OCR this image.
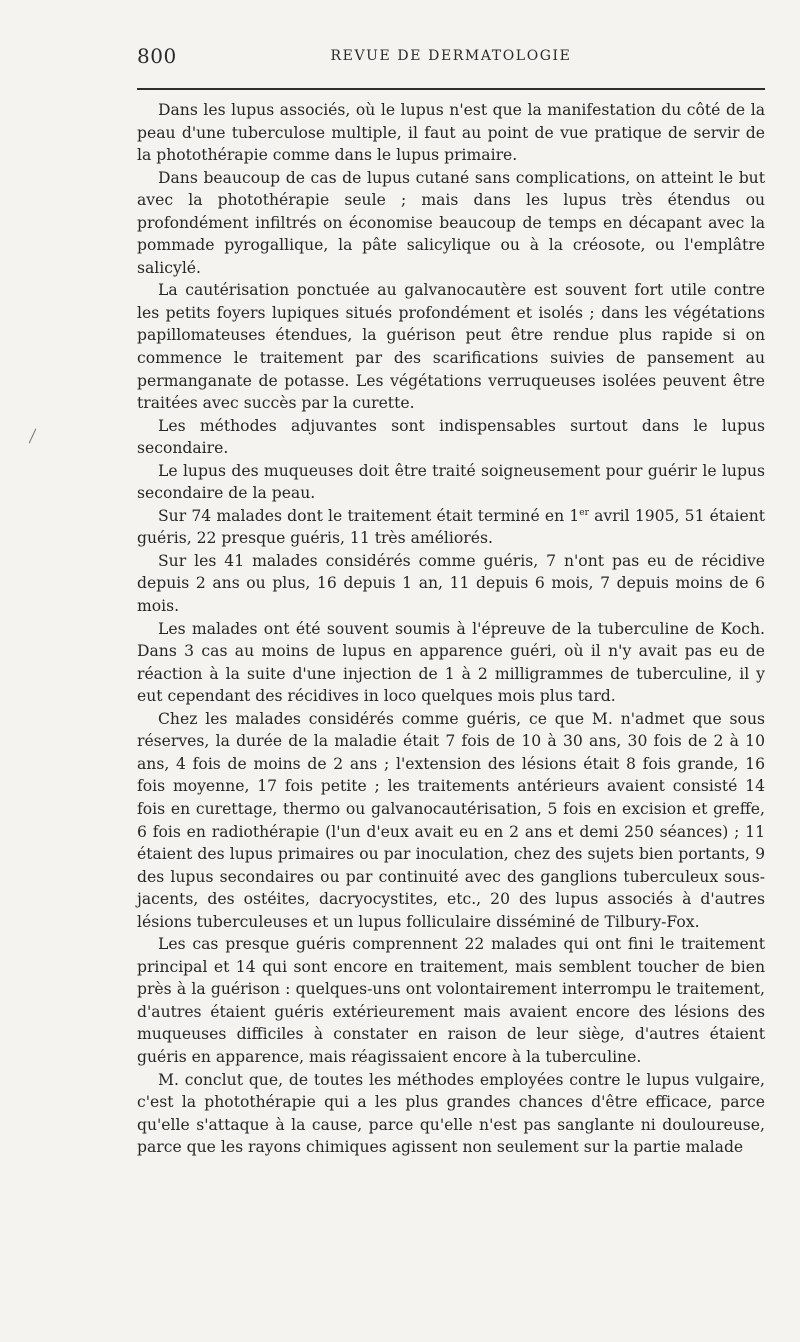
800	REVUE DE DERMATOLOGIE

Dans les lupus associés, où le lupus n'est que la manifestation du côté de la peau d'une tuberculose multiple, il faut au point de vue pratique de servir de la photothérapie comme dans le lupus primaire.

Dans beaucoup de cas de lupus cutané sans complications, on atteint le but avec la photothérapie seule ; mais dans les lupus très étendus ou profondément infiltrés on économise beaucoup de temps en décapant avec la pommade pyrogallique, la pâte salicylique ou à la créosote, ou l'emplâtre salicylé.

La cautérisation ponctuée au galvanocautère est souvent fort utile contre les petits foyers lupiques situés profondément et isolés ; dans les végétations papillomateuses étendues, la guérison peut être rendue plus rapide si on commence le traitement par des scarifications suivies de pansement au permanganate de potasse. Les végétations verruqueuses isolées peuvent être traitées avec succès par la curette.

Les méthodes adjuvantes sont indispensables surtout dans le lupus secondaire.

Le lupus des muqueuses doit être traité soigneusement pour guérir le lupus secondaire de la peau.

Sur 74 malades dont le traitement était terminé en 1er avril 1905, 51 étaient guéris, 22 presque guéris, 11 très améliorés.

Sur les 41 malades considérés comme guéris, 7 n'ont pas eu de récidive depuis 2 ans ou plus, 16 depuis 1 an, 11 depuis 6 mois, 7 depuis moins de 6 mois.

Les malades ont été souvent soumis à l'épreuve de la tuberculine de Koch. Dans 3 cas au moins de lupus en apparence guéri, où il n'y avait pas eu de réaction à la suite d'une injection de 1 à 2 milligrammes de tuberculine, il y eut cependant des récidives in loco quelques mois plus tard.

Chez les malades considérés comme guéris, ce que M. n'admet que sous réserves, la durée de la maladie était 7 fois de 10 à 30 ans, 30 fois de 2 à 10 ans, 4 fois de moins de 2 ans ; l'extension des lésions était 8 fois grande, 16 fois moyenne, 17 fois petite ; les traitements antérieurs avaient consisté 14 fois en curettage, thermo ou galvanocautérisation, 5 fois en excision et greffe, 6 fois en radiothérapie (l'un d'eux avait eu en 2 ans et demi 250 séances) ; 11 étaient des lupus primaires ou par inoculation, chez des sujets bien portants, 9 des lupus secondaires ou par continuité avec des ganglions tuberculeux sous-jacents, des ostéites, dacryocystites, etc., 20 des lupus associés à d'autres lésions tuberculeuses et un lupus folliculaire disséminé de Tilbury-Fox.

Les cas presque guéris comprennent 22 malades qui ont fini le traitement principal et 14 qui sont encore en traitement, mais semblent toucher de bien près à la guérison : quelques-uns ont volontairement interrompu le traitement, d'autres étaient guéris extérieurement mais avaient encore des lésions des muqueuses difficiles à constater en raison de leur siège, d'autres étaient guéris en apparence, mais réagissaient encore à la tuberculine.

M. conclut que, de toutes les méthodes employées contre le lupus vulgaire, c'est la photothérapie qui a les plus grandes chances d'être efficace, parce qu'elle s'attaque à la cause, parce qu'elle n'est pas sanglante ni douloureuse, parce que les rayons chimiques agissent non seulement sur la partie malade
